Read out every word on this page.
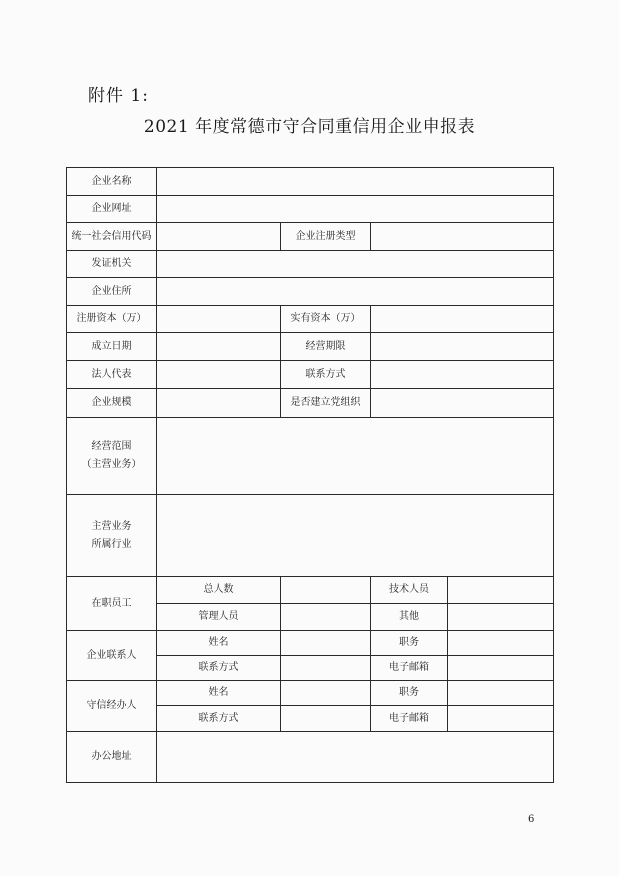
附件 1:
2021 年度常德市守合同重信用企业申报表
企业名称				
企业网址				
统一社会信用代码		企业注册类型		
发证机关				
企业住所				
注册资本（万）		实有资本（万）		
成立日期		经营期限		
法人代表		联系方式		
企业规模		是否建立党组织		

经营范围
（主营业务）				

主营业务
所属行业				

在职员工	总人数		技术人员	
	管理人员		其他	
企业联系人	姓名		职务	
	联系方式		电子邮箱	
守信经办人	姓名		职务	
	联系方式		电子邮箱	
办公地址				
6
